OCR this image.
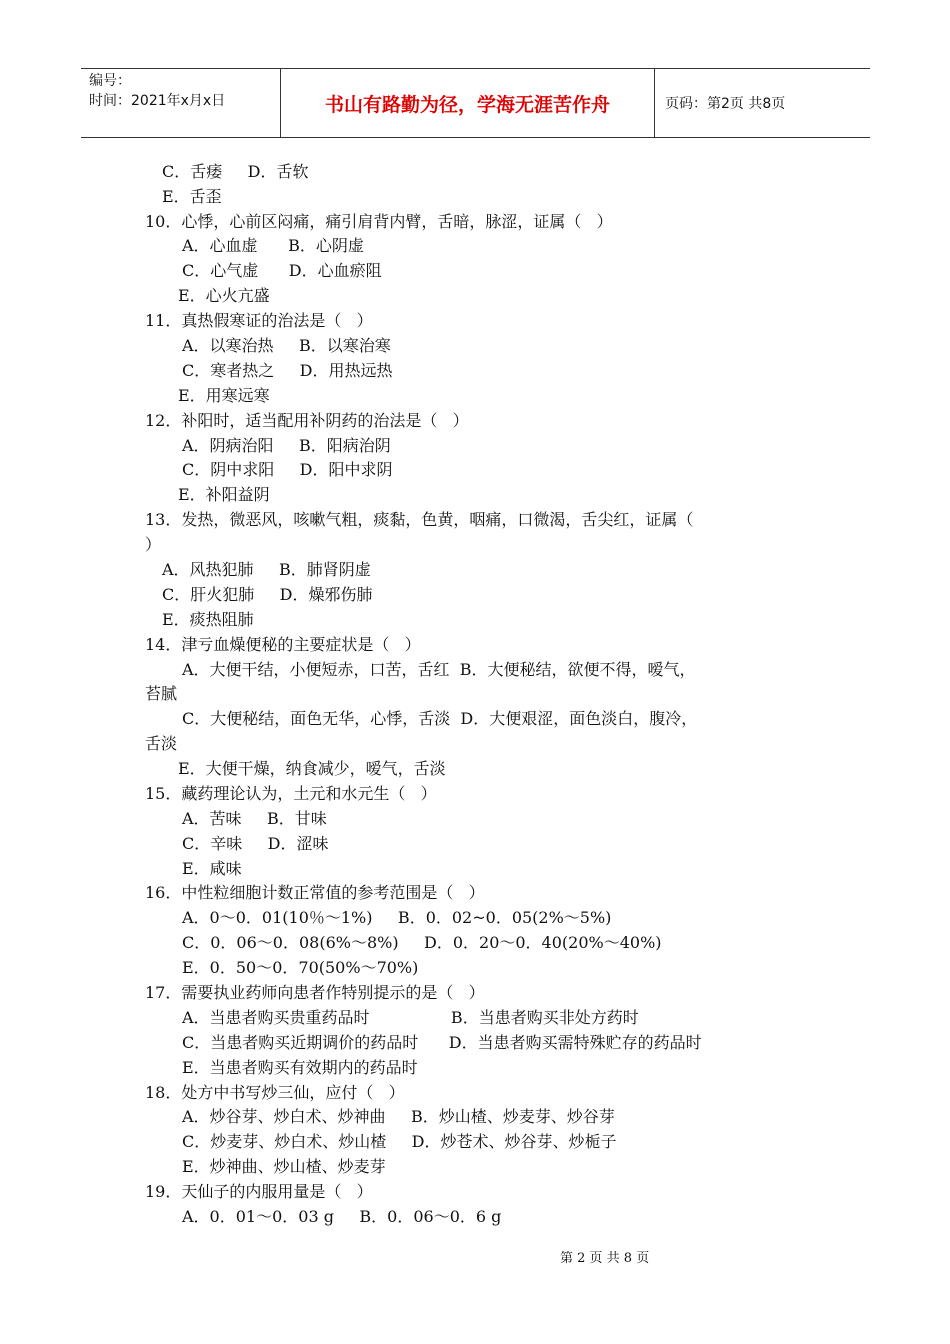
编号：
时间：2021年x月x日	书山有路勤为径，学海无涯苦作舟	页码：第2页 共8页
C．舌痿     D．舌软
E．舌歪
10．心悸，心前区闷痛，痛引肩背内臂，舌暗，脉涩，证属（   ）
A．心血虚      B．心阴虚
C．心气虚      D．心血瘀阻
E．心火亢盛
11．真热假寒证的治法是（   ）
A．以寒治热     B．以寒治寒
C．寒者热之     D．用热远热
E．用寒远寒
12．补阳时，适当配用补阴药的治法是（   ）
A．阴病治阳     B．阳病治阴
C．阴中求阳     D．阳中求阴
E．补阳益阴
13．发热，微恶风，咳嗽气粗，痰黏，色黄，咽痛，口微渴，舌尖红，证属（
）
A．风热犯肺     B．肺肾阴虚
C．肝火犯肺     D．燥邪伤肺
E．痰热阻肺
14．津亏血燥便秘的主要症状是（   ）
A．大便干结，小便短赤，口苦，舌红  B．大便秘结，欲便不得，嗳气，
苔腻
C．大便秘结，面色无华，心悸，舌淡  D．大便艰涩，面色淡白，腹冷，
舌淡
E．大便干燥，纳食减少，嗳气，舌淡
15．藏药理论认为，土元和水元生（   ）
A．苦味     B．甘味
C．辛味     D．涩味
E．咸味
16．中性粒细胞计数正常值的参考范围是（   ）
A．0～0．01(10％～1%)     B．0．02~0．05(2%～5%)
C．0．06～0．08(6%～8%)     D．0．20～0．40(20%～40%)
E．0．50～0．70(50%～70%)
17．需要执业药师向患者作特别提示的是（   ）
A．当患者购买贵重药品时                B．当患者购买非处方药时
C．当患者购买近期调价的药品时      D．当患者购买需特殊贮存的药品时
E．当患者购买有效期内的药品时
18．处方中书写炒三仙，应付（   ）
A．炒谷芽、炒白术、炒神曲     B．炒山楂、炒麦芽、炒谷芽
C．炒麦芽、炒白术、炒山楂     D．炒苍术、炒谷芽、炒栀子
E．炒神曲、炒山楂、炒麦芽
19．天仙子的内服用量是（   ）
A．0．01～0．03 g     B．0．06～0．6 g
第 2 页 共 8 页
